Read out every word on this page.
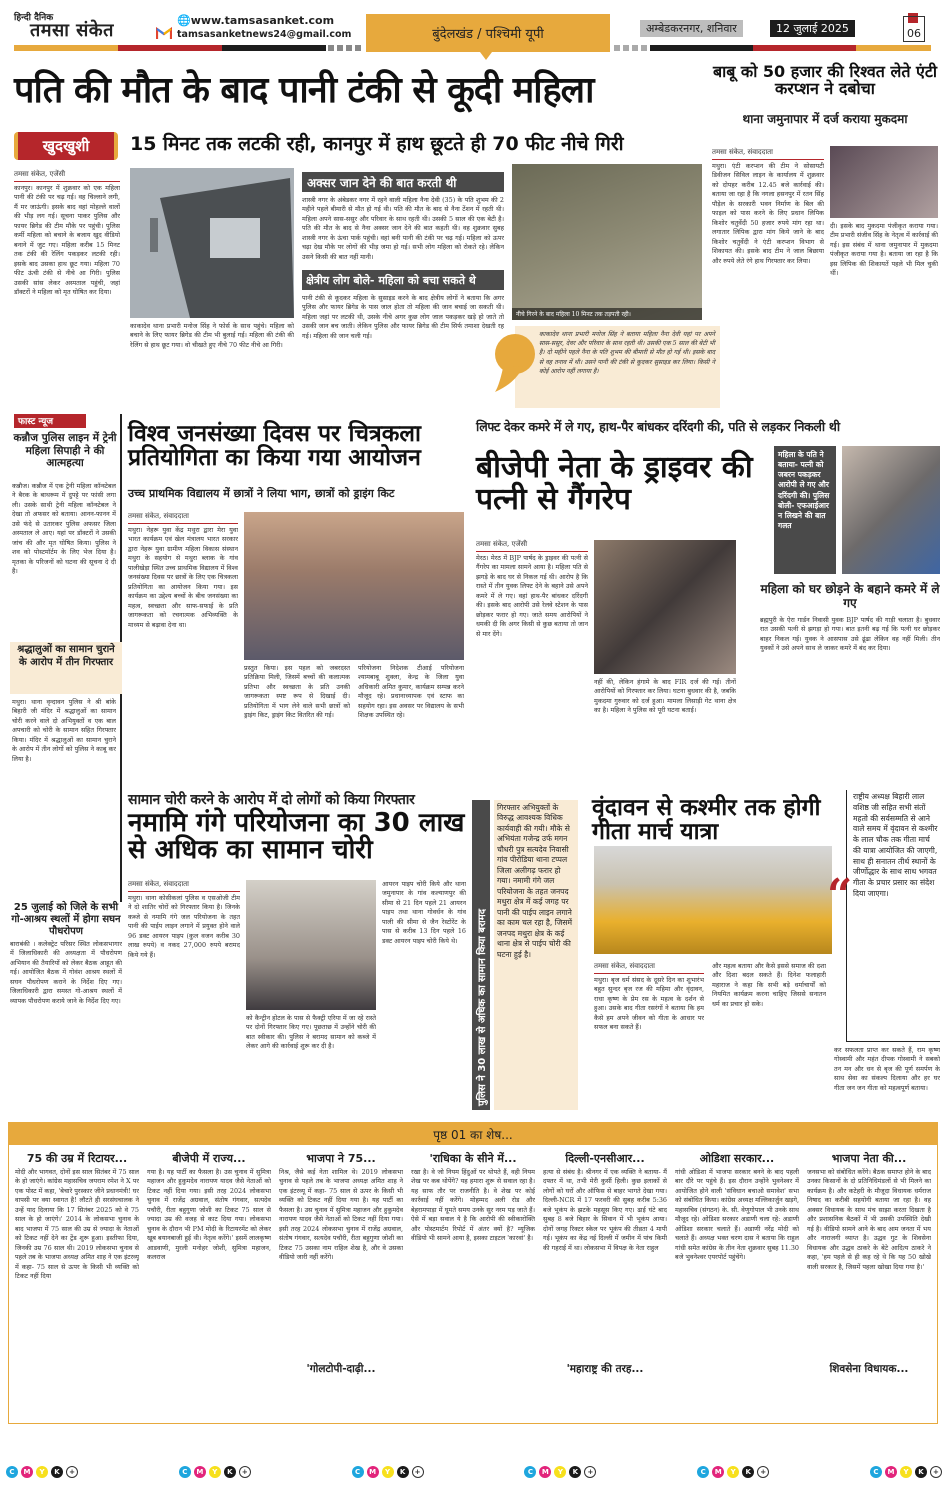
हिन्दी दैनिक
तमसा संकेत	🌐www.tamsasanket.com
tamsasanketnews24@gmail.com	बुंदेलखंड / पश्चिमी यूपी	अम्बेडकरनगर, शनिवार	12 जुलाई 2025	06
पति की मौत के बाद पानी टंकी से कूदी महिला
खुदखुशी	15 मिनट तक लटकी रही, कानपुर में हाथ छूटते ही 70 फीट नीचे गिरी
तमसा संकेत, एजेंसी
कानपुर। कानपुर में शुक्रवार को एक महिला पानी की टंकी पर चढ़ गई। वह चिल्लाने लगी, मैं मर जाऊंगी। इसके बाद वहां मोहल्ले वालों की भीड़ लग गई। सूचना पाकर पुलिस और फायर ब्रिगेड की टीम मौके पर पहुंची। पुलिस कर्मी महिला को बचाने के बजाय खुद वीडियो बनाने में जुट गए। महिला करीब 15 मिनट तक टंकी की रेलिंग पकड़कर लटकी रही। इसके बाद उसका हाथ छूट गया। महिला 70 फीट ऊंची टंकी से नीचे आ गिरी। पुलिस उसकी सांस लेकर अस्पताल पहुंची, जहां डॉक्टरों ने महिला को मृत घोषित कर दिया।
काकादेव थाना प्रभारी मनोज सिंह ने फोर्स के साथ पहुंचे। महिला को बचाने के लिए फायर ब्रिगेड की टीम भी बुलाई गई। महिला की टंकी की रेलिंग से हाथ छूट गया। वो चीखते हुए नीचे 70 फीट नीचे आ गिरी।
अक्सर जान देने की बात करती थी
शास्त्री नगर के अंबेडकर नगर में रहने वाली महिला नैना देवी (35) के पति शुभम की 2 महीने पहले बीमारी से मौत हो गई थी। पति की मौत के बाद से नैना टेंशन में रहती थी। महिला अपने सास-ससुर और परिवार के साथ रहती थी। उसकी 5 साल की एक बेटी है। पति की मौत के बाद से नैना अक्सर जान देने की बात कहती थी। वह शुक्रवार सुबह शास्त्री नगर के ऊंचा पार्क पहुंची। वहां बनी पानी की टंकी पर चढ़ गई। महिला को ऊपर चढ़ा देख मौके पर लोगों की भीड़ जमा हो गई। सभी लोग महिला को रोकते रहे। लेकिन उसने किसी की बात नहीं मानी।
क्षेत्रीय लोग बोले- महिला को बचा सकते थे
पानी टंकी से कूदकर महिला के सुसाइड करने के बाद क्षेत्रीय लोगों ने बताया कि अगर पुलिस और फायर ब्रिगेड के पास जाल होता तो महिला की जान बचाई जा सकती थी। महिला जहां पर लटकी थी, उसके नीचे अगर कुछ लोग जाल पकड़कर खड़े हो जाते तो उसकी जान बच जाती। लेकिन पुलिस और फायर ब्रिगेड की टीम सिर्फ तमाशा देखती रह गई। महिला की जान चली गई।
नीचे गिरने के बाद महिला 10 मिनट तक तड़पती रही।
काकादेव थाना प्रभारी मनोज सिंह ने बताया महिला नैना देवी यहां पर अपने सास-ससुर, देवर और परिवार के साथ रहती थी। उसकी एक 5 साल की बेटी भी है। दो महीने पहले नैना के पति शुभम की बीमारी से मौत हो गई थी। इसके बाद से वह तनाव में थी। उसने पानी की टंकी से कूदकर सुसाइड कर लिया। किसी ने कोई आरोप नहीं लगाया है।
बाबू को 50 हजार की रिश्वत लेते एंटी करप्शन ने दबोचा
थाना जमुनापार में दर्ज कराया मुकदमा
तमसा संकेत, संवाददाता
मथुरा। एंटी करप्शन की टीम ने सोसायटी डिवीजन सिविल लाइन के कार्यालय में शुक्रवार को दोपहर करीब 12.45 बजे कार्रवाई की। बताया जा रहा है कि नगला हसनपुर में रतन सिंह पौड़ेल के सरकारी भवन निर्माण के बिल की फाइल को पास करने के लिए प्रधान लिपिक किशोर चतुर्वेदी 50 हजार रुपये मांग रहा था। लगातार लिपिक द्वारा मांग किये जाने के बाद किशोर चतुर्वेदी ने एंटी करप्शन विभाग से शिकायत की। इसके बाद टीम ने जाल बिछाया और रुपये लेते रंगे हाथ गिरफ्तार कर लिया।
दी। इसके बाद मुकदमा पंजीकृत कराया गया। टीम प्रभारी संजीव सिंह के नेतृत्व में कार्रवाई की गई। इस संबंध में थाना जमुनापार में मुकदमा पंजीकृत कराया गया है। बताया जा रहा है कि इस लिपिक की शिकायतें पहले भी मिल चुकी थीं।
फास्ट न्यूज
कन्नौज पुलिस लाइन में ट्रेनी महिला सिपाही ने की आत्महत्या
कन्नौज। कन्नौज में एक ट्रेनी महिला कॉन्स्टेबल ने बैरक के बाथरूम में दुपट्टे पर फांसी लगा ली। उसके साथी ट्रेनी महिला कॉन्स्टेबल ने देखा तो अफसर को बताया। आनन-फानन में उसे फंदे से उतारकर पुलिस अफसर जिला अस्पताल ले आए। यहां पर डॉक्टरों ने उसकी जांच की और मृत घोषित किया। पुलिस ने शव को पोस्टमॉर्टम के लिए भेज दिया है। मृतका के परिजनों को घटना की सूचना दे दी है।
श्रद्धालुओं का सामान चुराने के आरोप में तीन गिरफ्तार
मथुरा। थाना वृन्दावन पुलिस ने श्री बांके बिहारी जी मंदिर में श्रद्धालुओं का सामान चोरी करने वाले दो अभियुक्तों व एक बाल अपचारी को चोरी के सामान सहित गिरफ्तार किया। मंदिर में श्रद्धालुओं का सामान चुराने के आरोप में तीन लोगों को पुलिस ने काबू कर लिया है।
25 जुलाई को जिले के सभी गो-आश्रय स्थलों में होगा सघन पौधरोपण
बाराबंकी । कलेक्ट्रेट परिसर स्थित लोकसभागार में जिलाधिकारी की अध्यक्षता में पौधरोपण अभियान की तैयारियों को लेकर बैठक आहूत की गई। आयोजित बैठक में गोवंश आश्रय स्थलों में सघन पौधरोपण कराने के निर्देश दिए गए। जिलाधिकारी द्वारा समस्त गो-आश्रय स्थलों में व्यापक पौधरोपण कराये जाने के निर्देश दिए गए।
विश्व जनसंख्या दिवस पर चित्रकला प्रतियोगिता का किया गया आयोजन
उच्च प्राथमिक विद्यालय में छात्रों ने लिया भाग, छात्रों को ड्राइंग किट
तमसा संकेत, संवाददाता
मथुरा। नेहरू युवा केंद्र मथुरा द्वारा मेरा युवा भारत कार्यक्रम एवं खेल मंत्रालय भारत सरकार द्वारा नेहरू युवा ग्रामीण महिला विकास संस्थान मथुरा के सहयोग से मथुरा ब्लाक के गांव पालीखेड़ा स्थित उच्च प्राथमिक विद्यालय में विश्व जनसंख्या दिवस पर छात्रों के लिए एक चित्रकला प्रतियोगिता का आयोजन किया गया। इस कार्यक्रम का उद्देश्य बच्चों के बीच जनसंख्या का महत्व, स्वच्छता और साफ-सफाई के प्रति जागरूकता को रचनात्मक अभिव्यक्ति के माध्यम से बढ़ावा देना था।
प्रस्तुत किया। इस पहल को जबरदस्त प्रतिक्रिया मिली, जिसमें बच्चों की कलात्मक प्रतिभा और स्वच्छता के प्रति उनकी जागरूकता स्पष्ट रूप से दिखाई दी। प्रतियोगिता में भाग लेने वाले सभी छात्रों को ड्राइंग किट, ड्राइंग किट वितरित की गई।
परियोजना निदेशक टीआई परियोजना श्यामबाबू शुक्ला, केन्द्र के जिला युवा अधिकारी अमित कुमार, कार्यक्रम सम्पन्न करने मौजूद रहे। प्रधानाध्यापक एवं स्टाफ का सहयोग रहा। इस अवसर पर विद्यालय के सभी शिक्षक उपस्थित रहे।
लिफ्ट देकर कमरे में ले गए, हाथ-पैर बांधकर दरिंदगी की, पति से लड़कर निकली थी
बीजेपी नेता के ड्राइवर की पत्नी से गैंगरेप
महिला के पति ने बताया- पत्नी को जबरन पकड़कर आरोपी ले गए और दरिंदगी की। पुलिस बोली- एफआईआर न लिखने की बात गलत
तमसा संकेत, एजेंसी
मेरठ। मेरठ में BJP पार्षद के ड्राइवर की पत्नी से गैंगरेप का मामला सामने आया है। महिला पति से झगड़े के बाद घर से निकल गई थी। आरोप है कि रास्ते में तीन युवक लिफ्ट देने के बहाने उसे अपने कमरे में ले गए। वहां हाथ-पैर बांधकर दरिंदगी की। इसके बाद आरोपी उसे रेलवे स्टेशन के पास छोड़कर फरार हो गए। जाते समय आरोपियों ने धमकी दी कि अगर किसी से कुछ बताया तो जान से मार देंगे।
नहीं की, लेकिन हंगामे के बाद FIR दर्ज की गई। तीनों आरोपियों को गिरफ्तार कर लिया। घटना बुधवार की है, जबकि मुकदमा गुरुवार को दर्ज हुआ। मामला लिसाड़ी गेट थाना क्षेत्र का है। महिला ने पुलिस को पूरी घटना बताई।
महिला को घर छोड़ने के बहाने कमरे में ले गए
ब्रह्मपुरी के ऐरा गार्डन निवासी युवक BJP पार्षद की गाड़ी चलाता है। बुधवार रात उसकी पत्नी से झगड़ा हो गया। बात इतनी बढ़ गई कि पत्नी घर छोड़कर बाहर निकल गई। युवक ने आसपास उसे ढूंढा लेकिन वह नहीं मिली। तीन युवकों ने उसे अपने साथ ले जाकर कमरे में बंद कर दिया।
सामान चोरी करने के आरोप में दो लोगों को किया गिरफ्तार
नमामि गंगे परियोजना का 30 लाख से अधिक का सामान चोरी
तमसा संकेत, संवाददाता
मथुरा। थाना कोसीकलां पुलिस व एसओजी टीम ने दो शातिर चोरों को गिरफ्तार किया है। जिनके कब्जे से नमामि गंगे जल परियोजना के तहत पानी की पाईप लाइन लगाने में प्रयुक्त होने वाले 96 डक्ट आयरन पाइप (कुल वजन करीब 30 लाख रुपये) व नकद 27,000 रुपये बरामद किये गये हैं।
को कैन्ट्रीन होटल के पास से फैक्ट्री एरिया में जा रहे रास्ते पर दोनों गिरफ्तार किए गए। पूछताछ में उन्होंने चोरी की बात स्वीकार की। पुलिस ने बरामद सामान को कब्जे में लेकर आगे की कार्रवाई शुरू कर दी है।
आयरन पाइप चोरी किये और थाना जमुनापार के गांव कल्याणपुर की सीमा से 21 दिन पहले 21 आयरन पाइप तथा थाना गोवर्धन के गांव पाली की सीमा से जैन रेस्टोरेंट के पास से करीब 13 दिन पहले 16 डक्ट आयरन पाइप चोरी किये थे।	पुलिस ने 30 लाख से अधिक का सामान किया बरामद
गिरफ्तार अभियुक्तों के विरुद्ध आवश्यक विधिक कार्यवाही की गयी। मौके से अभियंता गजेन्द्र उर्फ मगन चौधरी पुत्र सत्यदेव निवासी गांव पीरोडिया थाना टप्पल जिला अलीगढ़ फरार हो गया। नमामी गंगे जल परियोजना के तहत जनपद मथुरा क्षेत्र में कई जगह पर पानी की पाईप लाइन लगाने का काम चल रहा है, जिसमें जनपद मथुरा क्षेत्र के कई थाना क्षेत्र से पाईप चोरी की घटना हुई है।
वृंदावन से कश्मीर तक होगी गीता मार्च यात्रा
तमसा संकेत, संवाददाता
मथुरा। बृज धर्म संसद के दूसरे दिन का शुभारंभ बहुत सुन्दर बृज रज की महिमा और वृंदावन, राधा कृष्ण के प्रेम रस के महत्व के दर्शन से हुआ। उसके बाद गीता रसरंगों ने बताया कि हम कैसे हम अपने जीवन को गीता के आधार पर सफल बना सकते हैं।
और महत्व बताया और कैसे इससे समाज की दशा और दिशा बदल सकते हैं। दिनेश फलाहारी महाराज ने कहा कि सभी बड़े धर्माचार्यों को नियमित कार्यक्रम करना चाहिए जिससे सनातन धर्म का प्रचार हो सके।
“
राष्ट्रीय अध्यक्ष बिहारी लाल वशिष्ठ जी सहित सभी संतों महतो की सर्वसम्मति से आने वाले समय में वृंदावन से कश्मीर के लाल चौक तक गीता मार्च की यात्रा आयोजित की जाएगी, साथ ही सनातन तीर्थ स्थानों के जीर्णोद्धार के साथ साथ भगवत गीता के प्रचार प्रसार का संदेश दिया जाएगा।
कर सफलता प्राप्त कर सकते हैं, राम कृष्ण गोस्वामी और महंत दीपक गोस्वामी ने सबको तन मन और धन से बृज की पूर्ण समर्पण के साथ सेवा का संकल्प दिलाया और हर घर गीता जन जन गीता को महत्वपूर्ण बताया।
पृष्ठ 01 का शेष...
75 की उम्र में रिटायर...
मोदी और भागवत, दोनों इस साल सितंबर में 75 साल के हो जाएंगे। कांग्रेस महासचिव जयराम रमेश ने X पर एक पोस्ट में कहा, 'बेचारे पुरस्कार जीने प्रधानमंत्री! घर वापसी पर क्या स्वागत है! लौटते ही सरसंघचालक ने उन्हें याद दिलाया कि 17 सितंबर 2025 को वे 75 साल के हो जाएंगे।' 2014 के लोकसभा चुनाव के बाद भाजपा में 75 साल की उम्र से ज्यादा के नेताओं को टिकट नहीं देने का ट्रेंड शुरू हुआ। इस्तीफा दिया, जिनकी उम्र 76 साल थी। 2019 लोकसभा चुनाव से पहले तब के भाजपा अध्यक्ष अमित शाह ने एक इंटरव्यू में कहा- 75 साल से ऊपर के किसी भी व्यक्ति को टिकट नहीं दिया
बीजेपी में राज्य...
गया है। यह पार्टी का फैसला है। उस चुनाव में सुमित्रा महाजन और हुकुमदेव नारायण यादव जैसे नेताओं को टिकट नहीं दिया गया। इसी तरह 2024 लोकसभा चुनाव में राजेंद्र अग्रवाल, संतोष गंगवार, सत्यदेव पचौरी, रीता बहुगुणा जोशी का टिकट 75 साल से ज्यादा उम्र की वजह से काट दिया गया। लोकसभा चुनाव के दौरान भी PM मोदी के रिटायरमेंट को लेकर खूब बयानबाजी हुई थी। नेतृत्व करेंगे।' इसमें लालकृष्ण आडवाणी, मुरली मनोहर जोशी, सुमित्रा महाजन, कलराज
भाजपा ने 75...
निश्र, जैसे कई नेता शामिल थे। 2019 लोकसभा चुनाव से पहले तब के भाजपा अध्यक्ष अमित शाह ने एक इंटरव्यू में कहा- 75 साल से ऊपर के किसी भी व्यक्ति को टिकट नहीं दिया गया है। यह पार्टी का फैसला है। उस चुनाव में सुमित्रा महाजन और हुकुमदेव नारायण यादव जैसे नेताओं को टिकट नहीं दिया गया। इसी तरह 2024 लोकसभा चुनाव में राजेंद्र अग्रवाल, संतोष गंगवार, सत्यदेव पचौरी, रीता बहुगुणा जोशी का टिकट 75 उसका नाम राहिल शेख है, और वे उसका वीडियो जारी नहीं करेंगे।
'गोलटोपी-दाढ़ी...
'राधिका के सीने में...
रखा है। वे जो नियम हिंदुओं पर थोपते हैं, वही नियम शेख पर कब थोपेंगे? यह हमारा शुरू से सवाल रहा है। यह साफ तौर पर राजनीति है। वे शेख पर कोई कार्रवाई नहीं करेंगे। मोहम्मद अली रोड और बेहरामपाड़ा में घूमते समय उनके सुर नरम पड़ जाते हैं। ऐसे में बड़ा सवाल ये है कि आरोपी की स्वीकारोक्ति और पोस्टमार्टम रिपोर्ट में अंतर क्यों है? म्यूजिक वीडियो भी सामने आया है, इसका टाइटल 'कारवां' है।
दिल्ली-एनसीआर...
हत्या से संबंध है। श्रीनगर में एक व्यक्ति ने बताया- मैं दफ्तर में था, तभी मेरी कुर्सी हिली। कुछ इलाकों से लोगों को घरों और ऑफिस से बाहर भागते देखा गया। दिल्ली-NCR में 17 फरवरी की सुबह करीब 5:36 बजे भूकंप के झटके महसूस किए गए। ढाई घंटे बाद सुबह 8 बजे बिहार के सिवान में भी भूकंप आया। दोनों जगह रिक्टर स्केल पर भूकंप की तीव्रता 4 मापी गई। भूकंप का केंद्र नई दिल्ली में जमीन में पांच किमी की गहराई में था। लोकसभा में विपक्ष के नेता राहुल
'महाराष्ट्र की तरह...
ओडिशा सरकार...
गांधी ओडिशा में भाजपा सरकार बनने के बाद पहली बार दौरे पर पहुंचे हैं। इस दौरान उन्होंने भुवनेश्वर में आयोजित होने वाली 'संविधान बचाओ समावेश' सभा को संबोधित किया। कांग्रेस अध्यक्ष मल्लिकार्जुन खड़गे, महासचिव (संगठन) के. सी. वेणुगोपाल भी उनके साथ मौजूद रहे। ओडिशा सरकार अडाणी चला रहे: अडाणी ओडिशा सरकार चलाते हैं। अडाणी नरेंद्र मोदी को चलाते हैं। अध्यक्ष भक्त चरण दास ने बताया कि राहुल गांधी समेत कांग्रेस के तीन नेता शुक्रवार सुबह 11.30 बजे भुवनेश्वर एयरपोर्ट पहुंचेंगे।
भाजपा नेता की...
जनसभा को संबोधित करेंगे। बैठक समाप्त होने के बाद उनका किसानों के दो प्रतिनिधिमंडलों से भी मिलने का कार्यक्रम है। और कटेहरी के मौजूदा विधायक धर्मराज निषाद का करीबी सहयोगी बताया जा रहा है। वह अक्सर विधायक के साथ मंच साझा करता दिखता है और प्रशासनिक बैठकों में भी उसकी उपस्थिति देखी गई है। वीडियो सामने आने के बाद आम जनता में भय और नाराजगी व्याप्त है। उद्धव गुट के शिवसेना विधायक और उद्धव ठाकरे के बेटे आदित्य ठाकरे ने कहा, 'हम पहले से ही कह रहे थे कि यह 50 खोखे वाली सरकार है, जिसमें पहला खोखा दिया गया है।'
शिवसेना विधायक...
C	M	Y	K	+	C	M	Y	K	+	C	M	Y	K	+	C	M	Y	K	+	C	M	Y	K	+	C	M	Y	K	+
